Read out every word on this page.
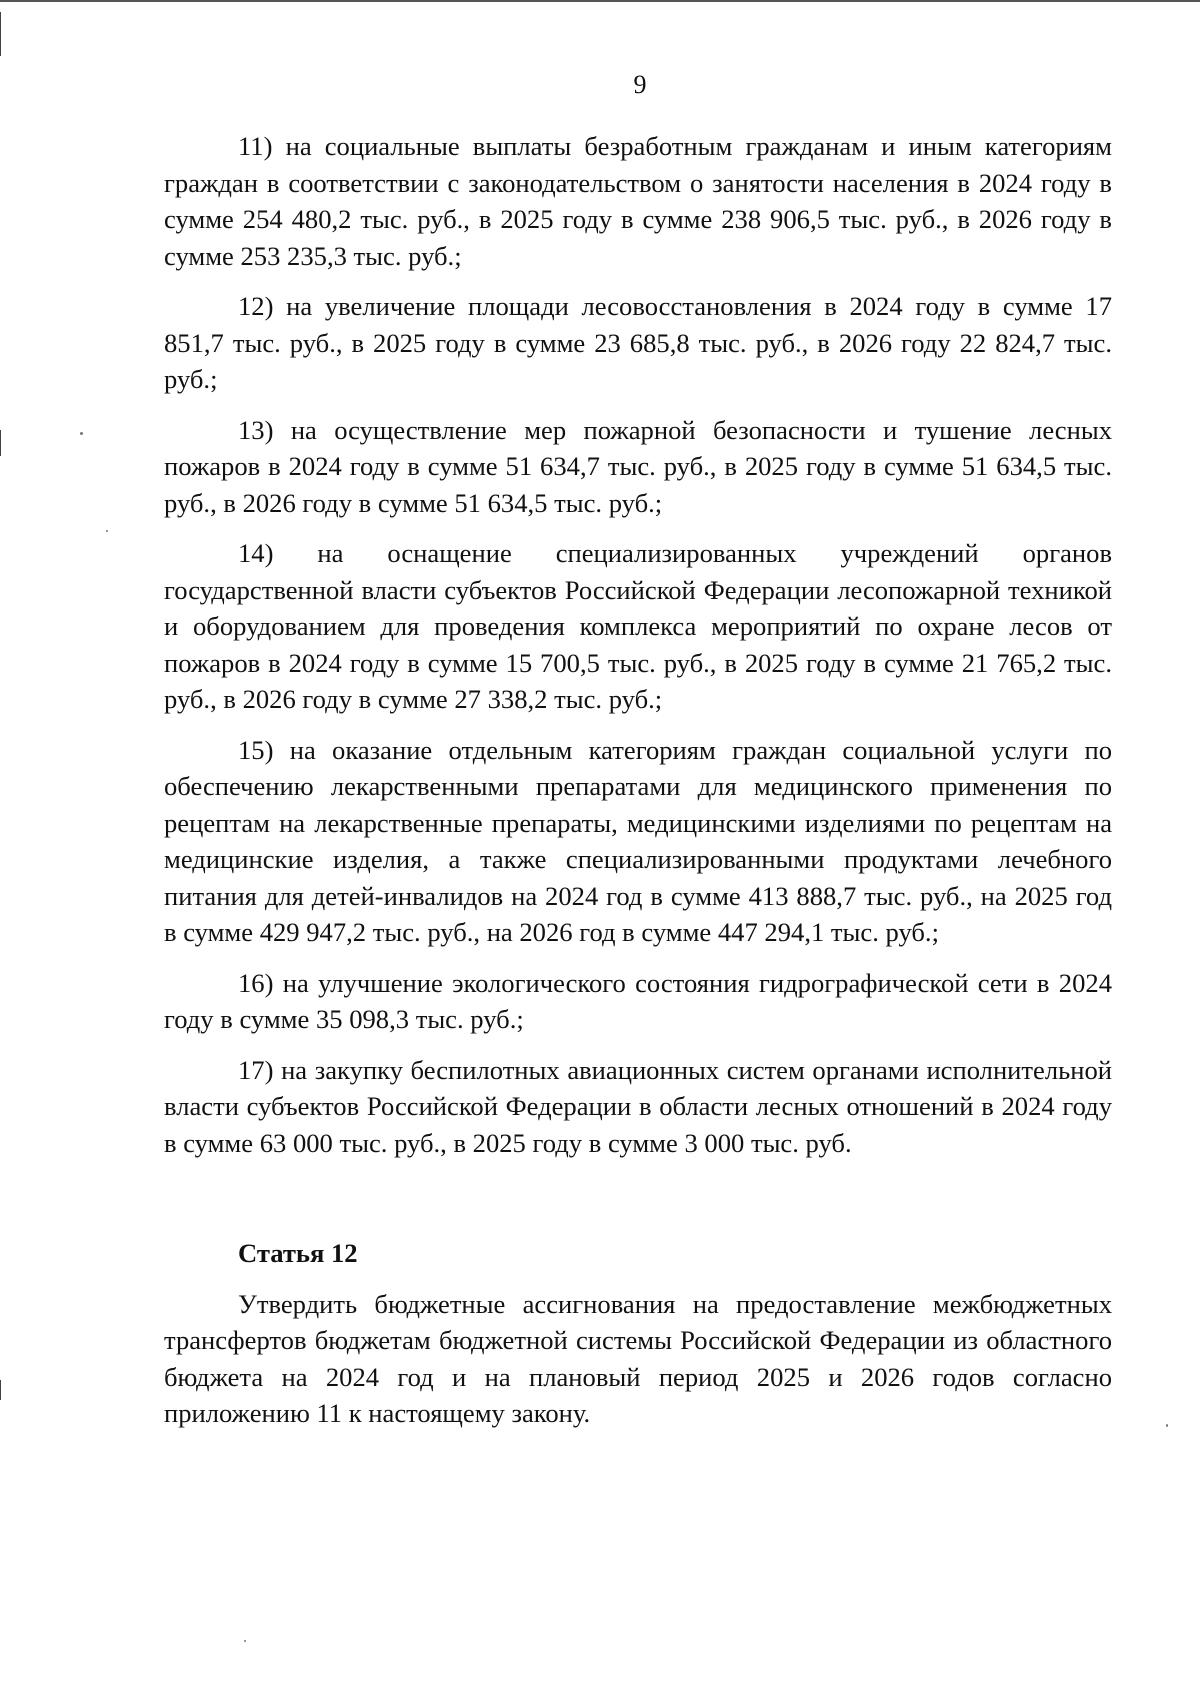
9

11) на социальные выплаты безработным гражданам и иным категориям граждан в соответствии с законодательством о занятости населения в 2024 году в сумме 254 480,2 тыс. руб., в 2025 году в сумме 238 906,5 тыс. руб., в 2026 году в сумме 253 235,3 тыс. руб.;

12) на увеличение площади лесовосстановления в 2024 году в сумме 17 851,7 тыс. руб., в 2025 году в сумме 23 685,8 тыс. руб., в 2026 году 22 824,7 тыс. руб.;

13) на осуществление мер пожарной безопасности и тушение лесных пожаров в 2024 году в сумме 51 634,7 тыс. руб., в 2025 году в сумме 51 634,5 тыс. руб., в 2026 году в сумме 51 634,5 тыс. руб.;

14) на оснащение специализированных учреждений органов государственной власти субъектов Российской Федерации лесопожарной техникой и оборудованием для проведения комплекса мероприятий по охране лесов от пожаров в 2024 году в сумме 15 700,5 тыс. руб., в 2025 году в сумме 21 765,2 тыс. руб., в 2026 году в сумме 27 338,2 тыс. руб.;

15) на оказание отдельным категориям граждан социальной услуги по обеспечению лекарственными препаратами для медицинского применения по рецептам на лекарственные препараты, медицинскими изделиями по рецептам на медицинские изделия, а также специализированными продуктами лечебного питания для детей-инвалидов на 2024 год в сумме 413 888,7 тыс. руб., на 2025 год в сумме 429 947,2 тыс. руб., на 2026 год в сумме 447 294,1 тыс. руб.;

16) на улучшение экологического состояния гидрографической сети в 2024 году в сумме 35 098,3 тыс. руб.;

17) на закупку беспилотных авиационных систем органами исполнительной власти субъектов Российской Федерации в области лесных отношений в 2024 году в сумме 63 000 тыс. руб., в 2025 году в сумме 3 000 тыс. руб.

Статья 12

Утвердить бюджетные ассигнования на предоставление межбюджетных трансфертов бюджетам бюджетной системы Российской Федерации из областного бюджета на 2024 год и на плановый период 2025 и 2026 годов согласно приложению 11 к настоящему закону.
